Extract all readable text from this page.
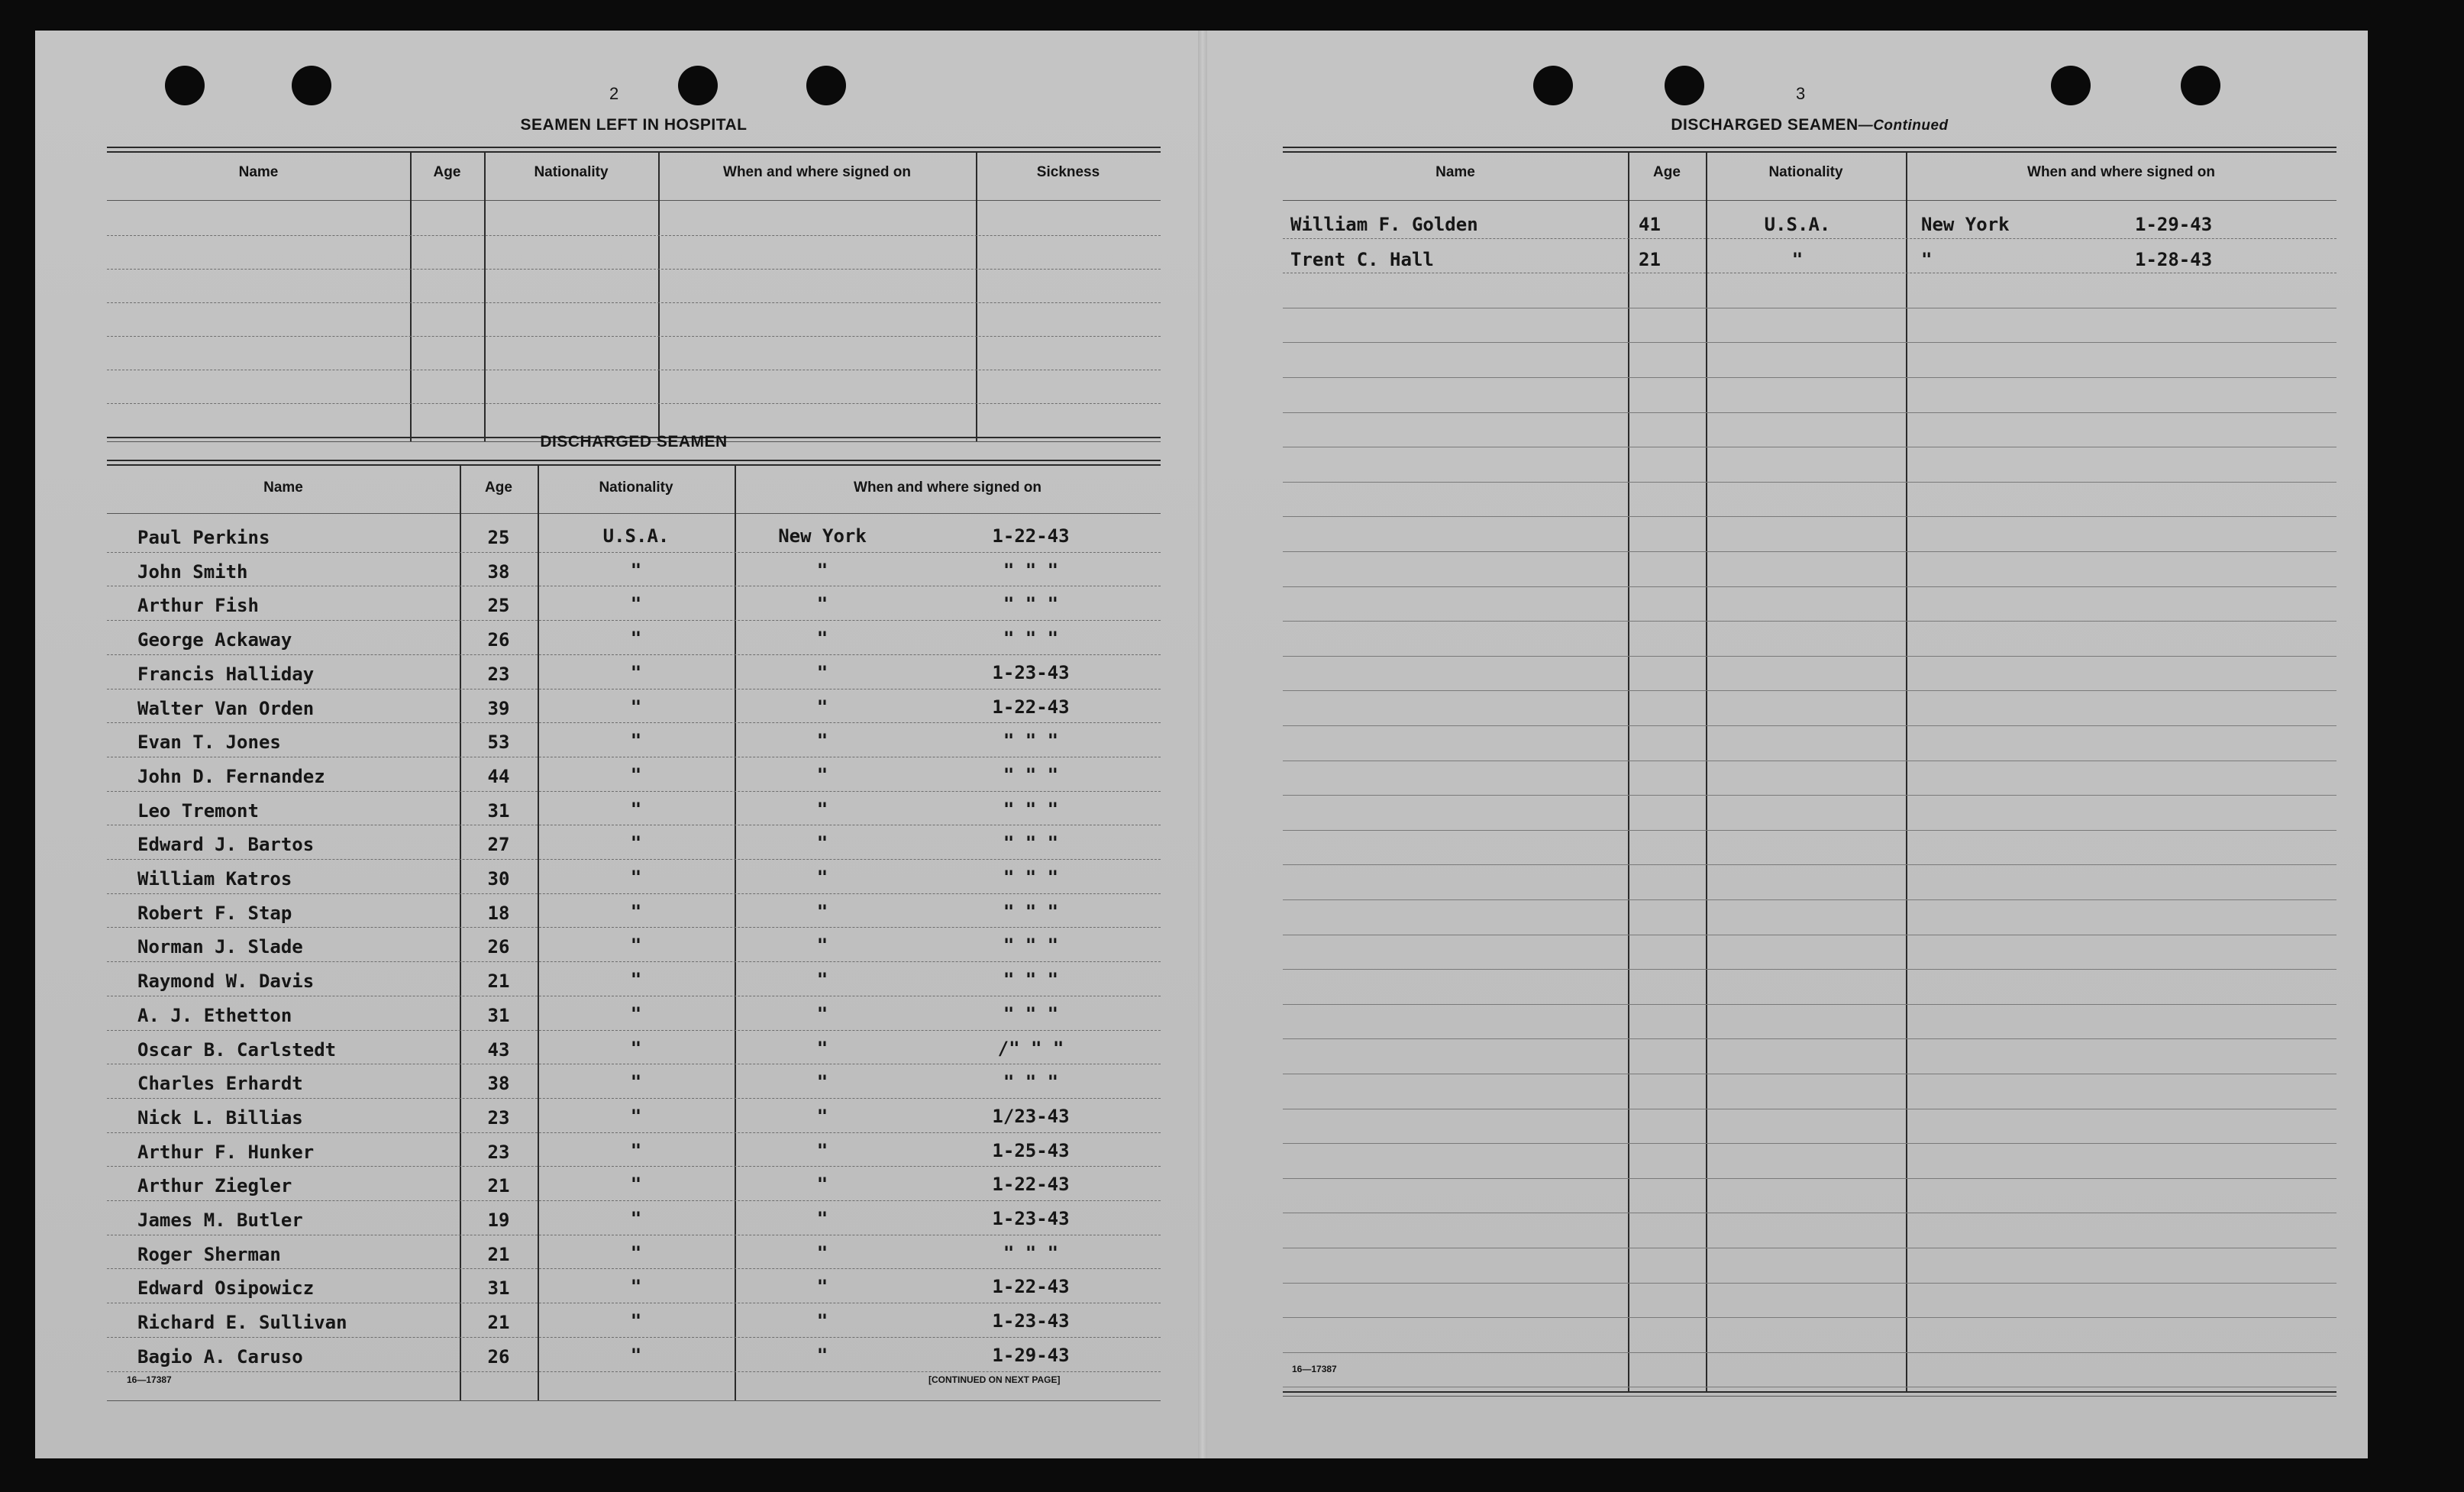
2
SEAMEN LEFT IN HOSPITAL
Name	Age	Nationality	When and where signed on	Sickness
DISCHARGED SEAMEN
Name	Age	Nationality	When and where signed on
Paul Perkins	25	U.S.A.	New York	1-22-43
John Smith	38	"	"	" " "
Arthur Fish	25	"	"	" " "
George Ackaway	26	"	"	" " "
Francis Halliday	23	"	"	1-23-43
Walter Van Orden	39	"	"	1-22-43
Evan T. Jones	53	"	"	" " "
John D. Fernandez	44	"	"	" " "
Leo Tremont	31	"	"	" " "
Edward J. Bartos	27	"	"	" " "
William Katros	30	"	"	" " "
Robert F. Stap	18	"	"	" " "
Norman J. Slade	26	"	"	" " "
Raymond W. Davis	21	"	"	" " "
A. J. Ethetton	31	"	"	" " "
Oscar B. Carlstedt	43	"	"	/" " "
Charles Erhardt	38	"	"	" " "
Nick L. Billias	23	"	"	1/23-43
Arthur F. Hunker	23	"	"	1-25-43
Arthur Ziegler	21	"	"	1-22-43
James M. Butler	19	"	"	1-23-43
Roger Sherman	21	"	"	" " "
Edward Osipowicz	31	"	"	1-22-43
Richard E. Sullivan	21	"	"	1-23-43
Bagio A. Caruso	26	"	"	1-29-43
16—17387	[CONTINUED ON NEXT PAGE]
3
DISCHARGED SEAMEN—Continued
Name	Age	Nationality	When and where signed on
William F. Golden	41	U.S.A.	New York	1-29-43
Trent C. Hall	21	"	"	1-28-43
16—17387
